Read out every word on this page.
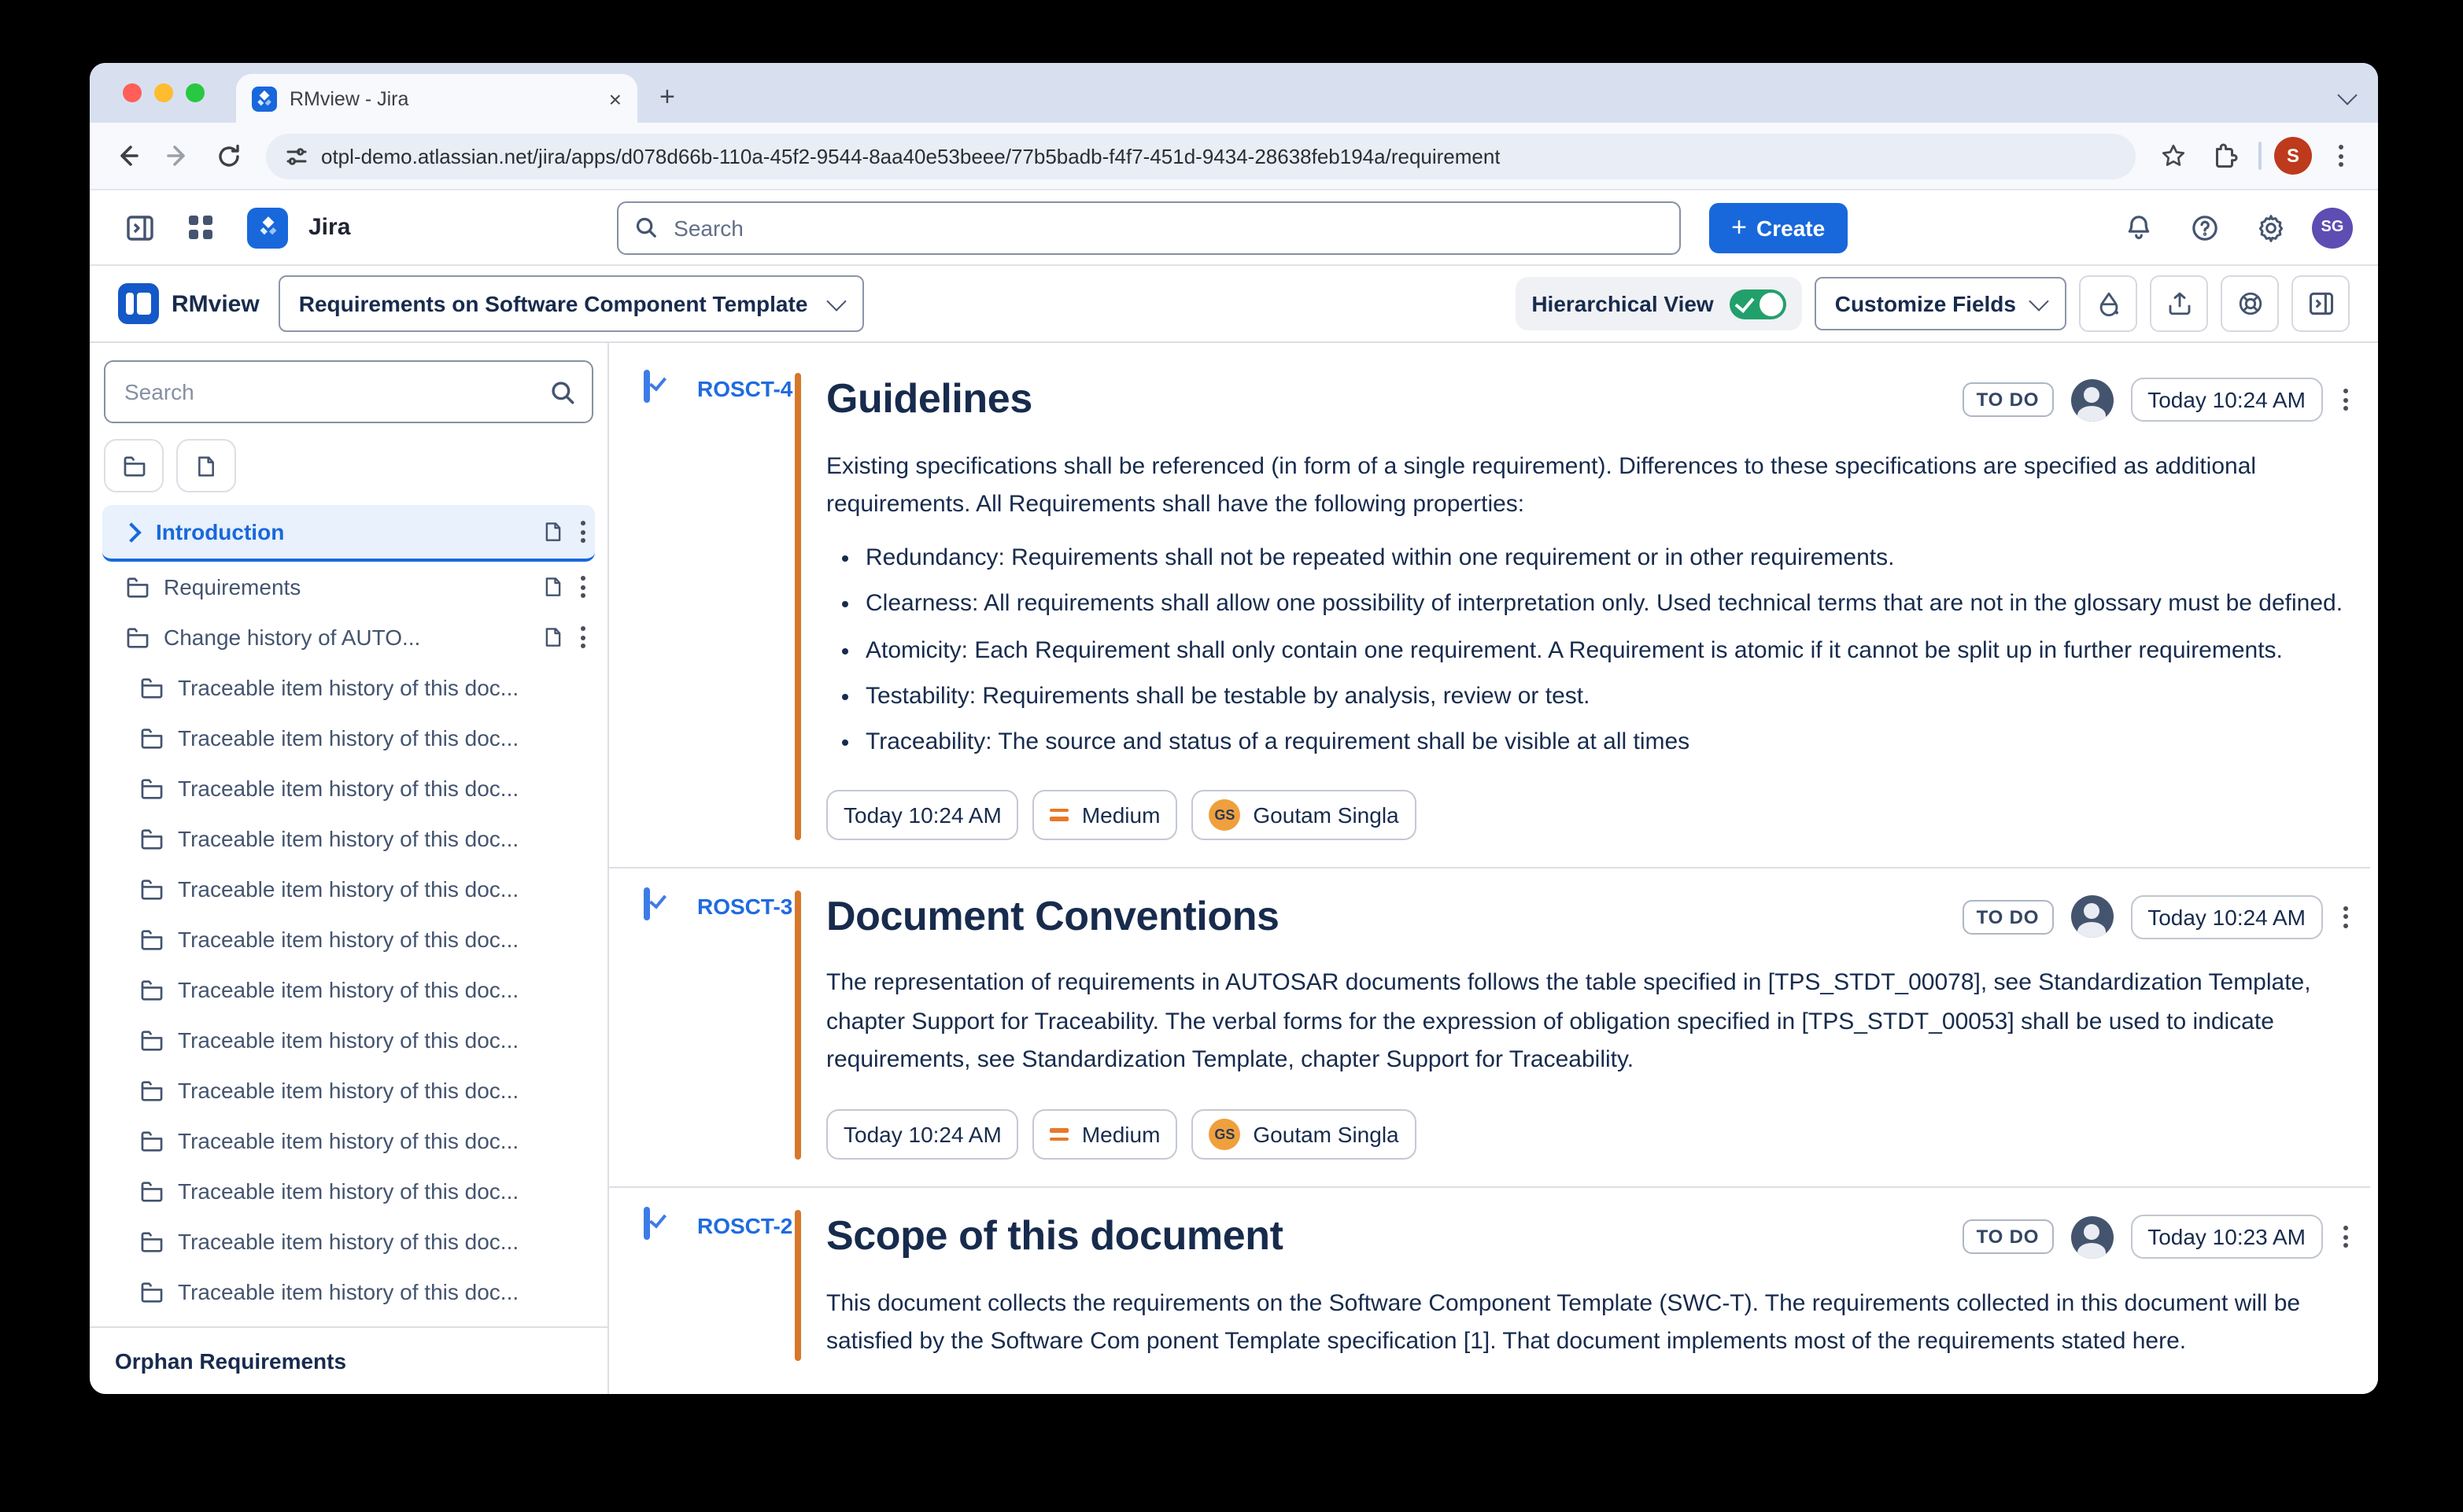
RMview - Jira	×	+
otpl-demo.atlassian.net/jira/apps/d078d66b-110a-45f2-9544-8aa40e53beee/77b5badb-f4f7-451d-9434-28638feb194a/requirement	S
Jira
Search	+ Create	SG
RMview	Requirements on Software Component Template	Hierarchical View	Customize Fields
Search
Introduction
Requirements
Change history of AUTO...
Traceable item history of this doc...
Traceable item history of this doc...
Traceable item history of this doc...
Traceable item history of this doc...
Traceable item history of this doc...
Traceable item history of this doc...
Traceable item history of this doc...
Traceable item history of this doc...
Traceable item history of this doc...
Traceable item history of this doc...
Traceable item history of this doc...
Traceable item history of this doc...
Traceable item history of this doc...
Orphan Requirements
ROSCT-4 Guidelines	TO DO	Today 10:24 AM

Existing specifications shall be referenced (in form of a single requirement). Differences to these specifications are specified as additional requirements. All Requirements shall have the following properties:

• Redundancy: Requirements shall not be repeated within one requirement or in other requirements.
• Clearness: All requirements shall allow one possibility of interpretation only. Used technical terms that are not in the glossary must be defined.
• Atomicity: Each Requirement shall only contain one requirement. A Requirement is atomic if it cannot be split up in further requirements.
• Testability: Requirements shall be testable by analysis, review or test.
• Traceability: The source and status of a requirement shall be visible at all times
Today 10:24 AM	Medium	GS	Goutam Singla
ROSCT-3 Document Conventions	TO DO	Today 10:24 AM

The representation of requirements in AUTOSAR documents follows the table specified in [TPS_STDT_00078], see Standardization Template, chapter Support for Traceability. The verbal forms for the expression of obligation specified in [TPS_STDT_00053] shall be used to indicate requirements, see Standardization Template, chapter Support for Traceability.

Today 10:24 AM	Medium	GS	Goutam Singla
ROSCT-2 Scope of this document	TO DO	Today 10:23 AM

This document collects the requirements on the Software Component Template (SWC-T). The requirements collected in this document will be satisfied by the Software Com ponent Template specification [1]. That document implements most of the requirements stated here.
